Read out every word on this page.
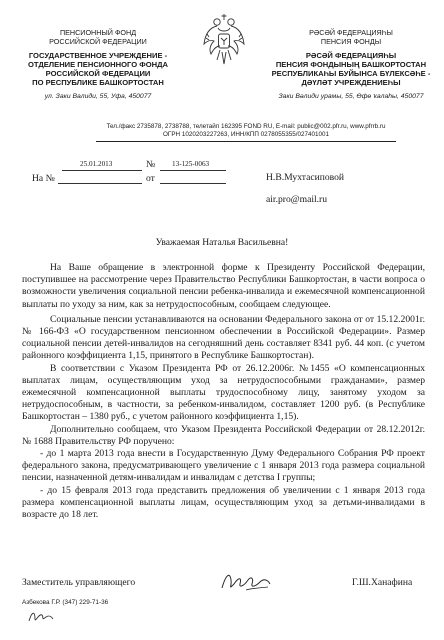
ПЕНСИОННЫЙ ФОНД
РОССИЙСКОЙ ФЕДЕРАЦИИ
ГОСУДАРСТВЕННОЕ УЧРЕЖДЕНИЕ -
ОТДЕЛЕНИЕ ПЕНСИОННОГО ФОНДА
РОССИЙСКОЙ ФЕДЕРАЦИИ
ПО РЕСПУБЛИКЕ БАШКОРТОСТАН
ул. Заки Валиди, 55, Уфа, 450077
РӘСӘЙ ФЕДЕРАЦИЯҺЫ
ПЕНСИЯ ФОНДЫ
РӘСӘЙ ФЕДЕРАЦИЯҺЫ
ПЕНСИЯ ФОНДЫНЫҢ БАШКОРТОСТАН
РЕСПУБЛИКАҺЫ БУЙЫНСА БҮЛЕКСӘҺЕ -
ДӘҮЛӘТ УЧРЕЖДЕНИЕҺЫ
Заки Вәлиди урамы, 55, Өфө ҡалаһы, 450077
Тел./факс 2735878, 2738788, телетайп 162395 FOND RU, E-mail: public@002.pfr.ru, www.pfrrb.ru
ОГРН 1020203227263, ИНН/КПП 0278055355/027401001
25.01.2013	№ 13-125-0063
На №	от	Н.В.Мухтасиповой
air.pro@mail.ru
Уважаемая Наталья Васильевна!

На Ваше обращение в электронной форме к Президенту Российской Федерации, поступившее на рассмотрение через Правительство Республики Башкортостан, в части вопроса о возможности увеличения социальной пенсии ребенка-инвалида и ежемесячной компенсационной выплаты по уходу за ним, как за нетрудоспособным, сообщаем следующее.

Социальные пенсии устанавливаются на основании Федерального закона от от 15.12.2001г. № 166-ФЗ «О государственном пенсионном обеспечении в Российской Федерации». Размер социальной пенсии детей-инвалидов на сегодняшний день составляет 8341 руб. 44 коп. (с учетом районного коэффициента 1,15, принятого в Республике Башкортостан).

В соответствии с Указом Президента РФ от 26.12.2006г. №1455 «О компенсационных выплатах лицам, осуществляющим уход за нетрудоспособными гражданами», размер ежемесячной компенсационной выплаты трудоспособному лицу, занятому уходом за нетрудоспособным, в частности, за ребенком-инвалидом, составляет 1200 руб. (в Республике Башкортостан – 1380 руб., с учетом районного коэффициента 1,15).

Дополнительно сообщаем, что Указом Президента Российской Федерации от 28.12.2012г. № 1688 Правительству РФ поручено:

- до 1 марта 2013 года внести в Государственную Думу Федерального Собрания РФ проект федерального закона, предусматривающего увеличение с 1 января 2013 года размера социальной пенсии, назначенной детям-инвалидам и инвалидам с детства I группы;

- до 15 февраля 2013 года представить предложения об увеличении с 1 января 2013 года размера компенсационной выплаты лицам, осуществляющим уход за детьми-инвалидами в возрасте до 18 лет.

Заместитель управляющего	Г.Ш.Ханафина
Азбекова Г.Р. (347) 229-71-36
